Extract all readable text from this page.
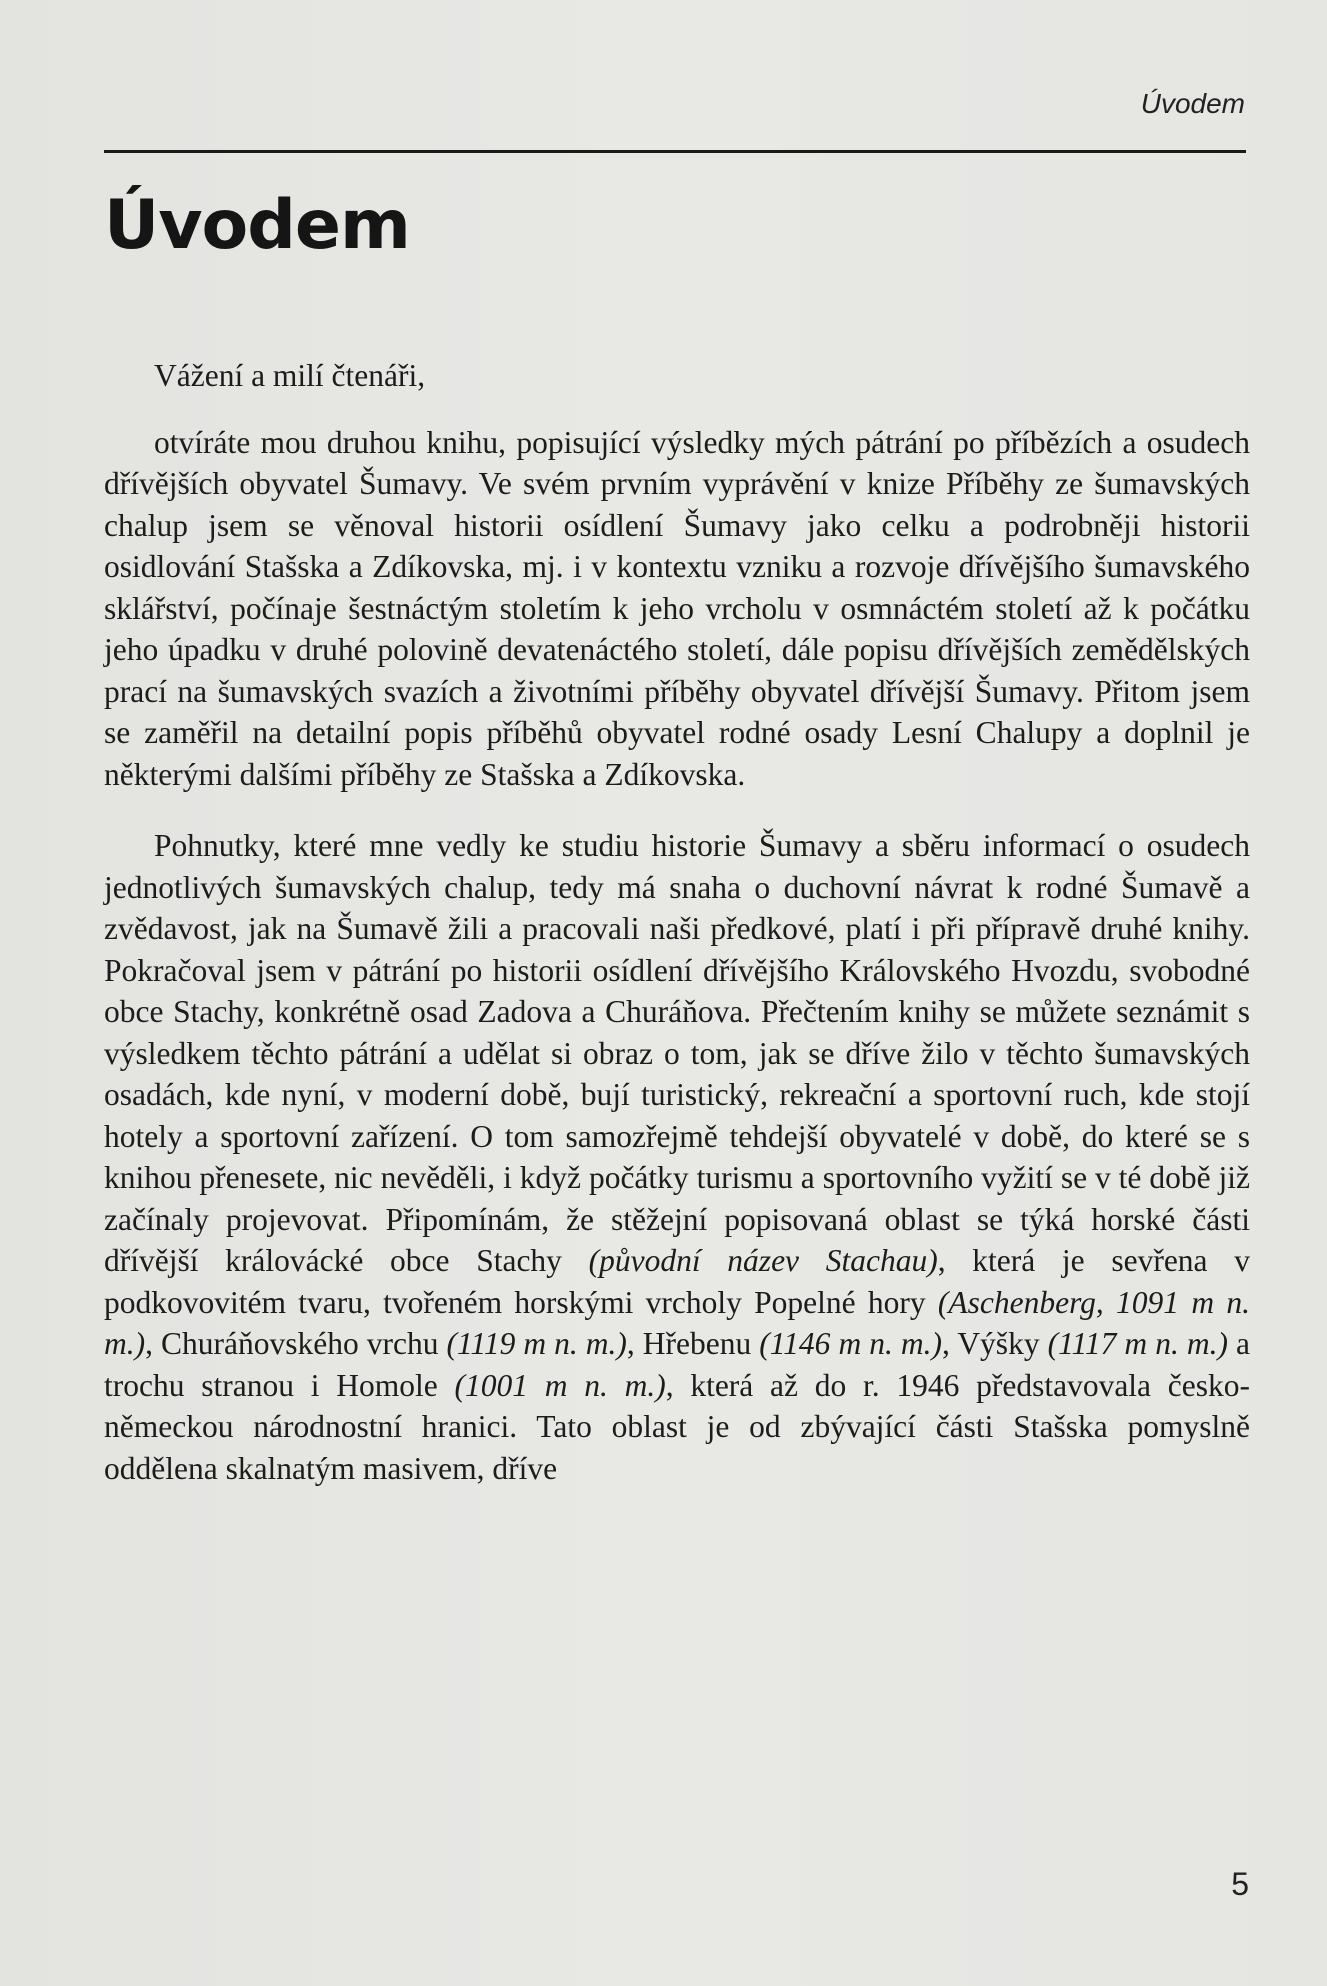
Úvodem
Úvodem

Vážení a milí čtenáři,

otvíráte mou druhou knihu, popisující výsledky mých pátrání po příbězích a osudech dřívějších obyvatel Šumavy. Ve svém prvním vyprávění v knize Příběhy ze šumavských chalup jsem se věnoval historii osídlení Šumavy jako celku a podrobněji historii osidlování Stašska a Zdíkovska, mj. i v kontextu vzniku a rozvoje dřívějšího šumavského sklářství, počínaje šestnáctým stoletím k jeho vrcholu v osmnáctém století až k počátku jeho úpadku v druhé polovině devatenáctého století, dále popisu dřívějších zemědělských prací na šumavských svazích a životními příběhy obyvatel dřívější Šumavy. Přitom jsem se zaměřil na detailní popis příběhů obyvatel rodné osady Lesní Chalupy a doplnil je některými dalšími příběhy ze Stašska a Zdíkovska.

Pohnutky, které mne vedly ke studiu historie Šumavy a sběru informací o osudech jednotlivých šumavských chalup, tedy má snaha o duchovní návrat k rodné Šumavě a zvědavost, jak na Šumavě žili a pracovali naši předkové, platí i při přípravě druhé knihy. Pokračoval jsem v pátrání po historii osídlení dřívějšího Královského Hvozdu, svobodné obce Stachy, konkrétně osad Zadova a Churáňova. Přečtením knihy se můžete seznámit s výsledkem těchto pátrání a udělat si obraz o tom, jak se dříve žilo v těchto šumavských osadách, kde nyní, v moderní době, bují turistický, rekreační a sportovní ruch, kde stojí hotely a sportovní zařízení. O tom samozřejmě tehdejší obyvatelé v době, do které se s knihou přenesete, nic nevěděli, i když počátky turismu a sportovního vyžití se v té době již začínaly projevovat. Připomínám, že stěžejní popisovaná oblast se týká horské části dřívější královácké obce Stachy (původní název Stachau), která je sevřena v podkovovitém tvaru, tvořeném horskými vrcholy Popelné hory (Aschenberg, 1091 m n. m.), Churáňovského vrchu (1119 m n. m.), Hřebenu (1146 m n. m.), Výšky (1117 m n. m.) a trochu stranou i Homole (1001 m n. m.), která až do r. 1946 představovala česko-německou národnostní hranici. Tato oblast je od zbývající části Stašska pomyslně oddělena skalnatým masivem, dříve

5
